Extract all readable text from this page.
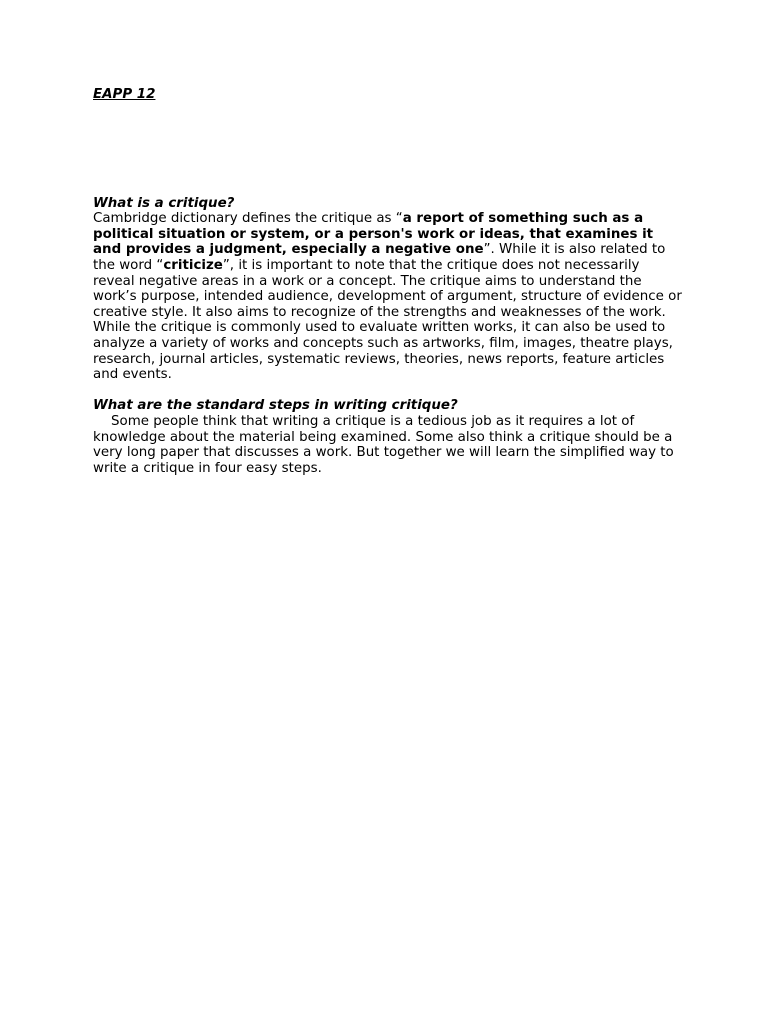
EAPP 12

What is a critique?

Cambridge dictionary defines the critique as “a report of something such as a political situation or system, or a person's work or ideas, that examines it and provides a judgment, especially a negative one”. While it is also related to the word “criticize”, it is important to note that the critique does not necessarily reveal negative areas in a work or a concept. The critique aims to understand the work’s purpose, intended audience, development of argument, structure of evidence or creative style. It also aims to recognize of the strengths and weaknesses of the work.

While the critique is commonly used to evaluate written works, it can also be used to analyze a variety of works and concepts such as artworks, film, images, theatre plays, research, journal articles, systematic reviews, theories, news reports, feature articles and events.

What are the standard steps in writing critique?

Some people think that writing a critique is a tedious job as it requires a lot of knowledge about the material being examined. Some also think a critique should be a very long paper that discusses a work. But together we will learn the simplified way to write a critique in four easy steps.
